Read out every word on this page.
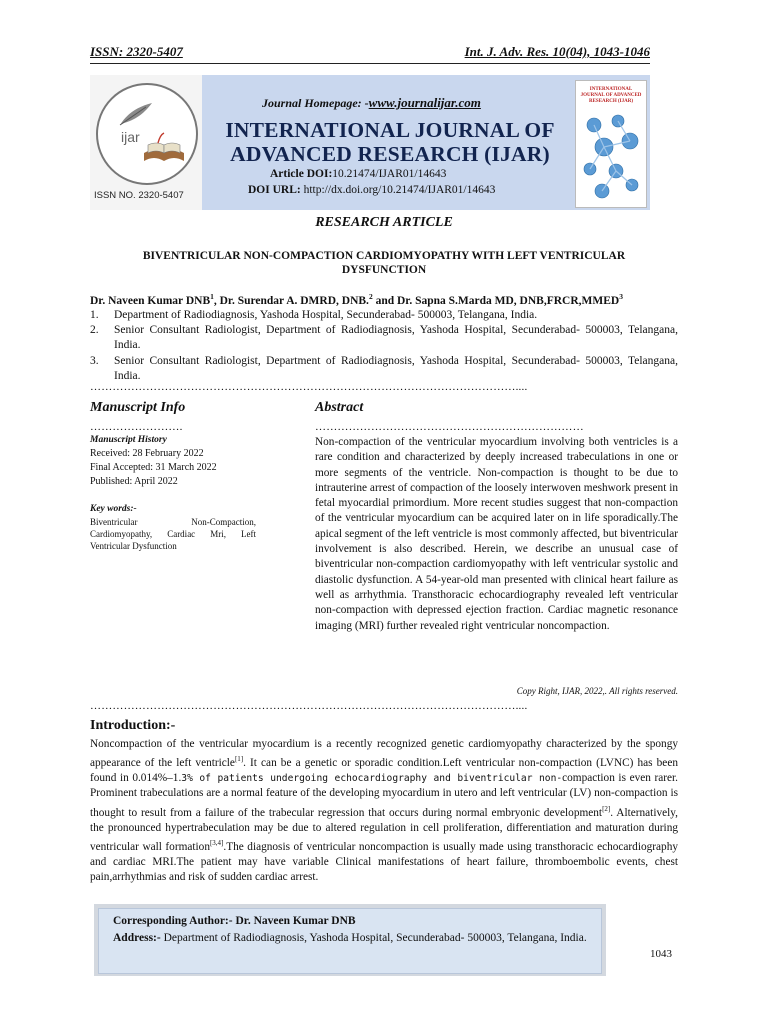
ISSN: 2320-5407	Int. J. Adv. Res. 10(04), 1043-1046
ijar
ISSN NO. 2320-5407
Journal Homepage: -www.journalijar.com
INTERNATIONAL JOURNAL OF
ADVANCED RESEARCH (IJAR)
Article DOI:10.21474/IJAR01/14643
DOI URL: http://dx.doi.org/10.21474/IJAR01/14643
INTERNATIONAL JOURNAL OF ADVANCED RESEARCH (IJAR)
RESEARCH ARTICLE
BIVENTRICULAR NON-COMPACTION CARDIOMYOPATHY WITH LEFT VENTRICULAR
DYSFUNCTION
Dr. Naveen Kumar DNB$^1$, Dr. Surendar A. DMRD, DNB.$^2$ and Dr. Sapna S.Marda MD, DNB,FRCR,MMED$^3$
1.	Department of Radiodiagnosis, Yashoda Hospital, Secunderabad- 500003, Telangana, India.
2.	Senior Consultant Radiologist, Department of Radiodiagnosis, Yashoda Hospital, Secunderabad- 500003, Telangana, India.
3.	Senior Consultant Radiologist, Department of Radiodiagnosis, Yashoda Hospital, Secunderabad- 500003, Telangana, India.
……………………………………………………………………………………………………....
Manuscript Info
…………………….
Manuscript History
Received: 28 February 2022
Final Accepted: 31 March 2022
Published: April 2022
Key words:-
Biventricular Non-Compaction, Cardiomyopathy, Cardiac Mri, Left Ventricular Dysfunction
Abstract
………………………………………………………………
Non-compaction of the ventricular myocardium involving both ventricles is a rare condition and characterized by deeply increased trabeculations in one or more segments of the ventricle. Non-compaction is thought to be due to intrauterine arrest of compaction of the loosely interwoven meshwork present in fetal myocardial primordium. More recent studies suggest that non-compaction of the ventricular myocardium can be acquired later on in life sporadically.The apical segment of the left ventricle is most commonly affected, but biventricular involvement is also described. Herein, we describe an unusual case of biventricular non-compaction cardiomyopathy with left ventricular systolic and diastolic dysfunction. A 54-year-old man presented with clinical heart failure as well as arrhythmia. Transthoracic echocardiography revealed left ventricular non-compaction with depressed ejection fraction. Cardiac magnetic resonance imaging (MRI) further revealed right ventricular noncompaction.
Copy Right, IJAR, 2022,. All rights reserved.
……………………………………………………………………………………………………....
Introduction:-
Noncompaction of the ventricular myocardium is a recently recognized genetic cardiomyopathy characterized by the spongy appearance of the left ventricle[1]. It can be a genetic or sporadic condition.Left ventricular non-compaction (LVNC) has been found in 0.014%–1.3% of patients undergoing echocardiography and biventricular non-compaction is even rarer. Prominent trabeculations are a normal feature of the developing myocardium in utero and left ventricular (LV) non-compaction is thought to result from a failure of the trabecular regression that occurs during normal embryonic development[2]. Alternatively, the pronounced hypertrabeculation may be due to altered regulation in cell proliferation, differentiation and maturation during ventricular wall formation[3,4].The diagnosis of ventricular noncompaction is usually made using transthoracic echocardiography and cardiac MRI.The patient may have variable Clinical manifestations of heart failure, thromboembolic events, chest pain,arrhythmias and risk of sudden cardiac arrest.
Corresponding Author:- Dr. Naveen Kumar DNB
Address:- Department of Radiodiagnosis, Yashoda Hospital, Secunderabad- 500003, Telangana, India.
1043
